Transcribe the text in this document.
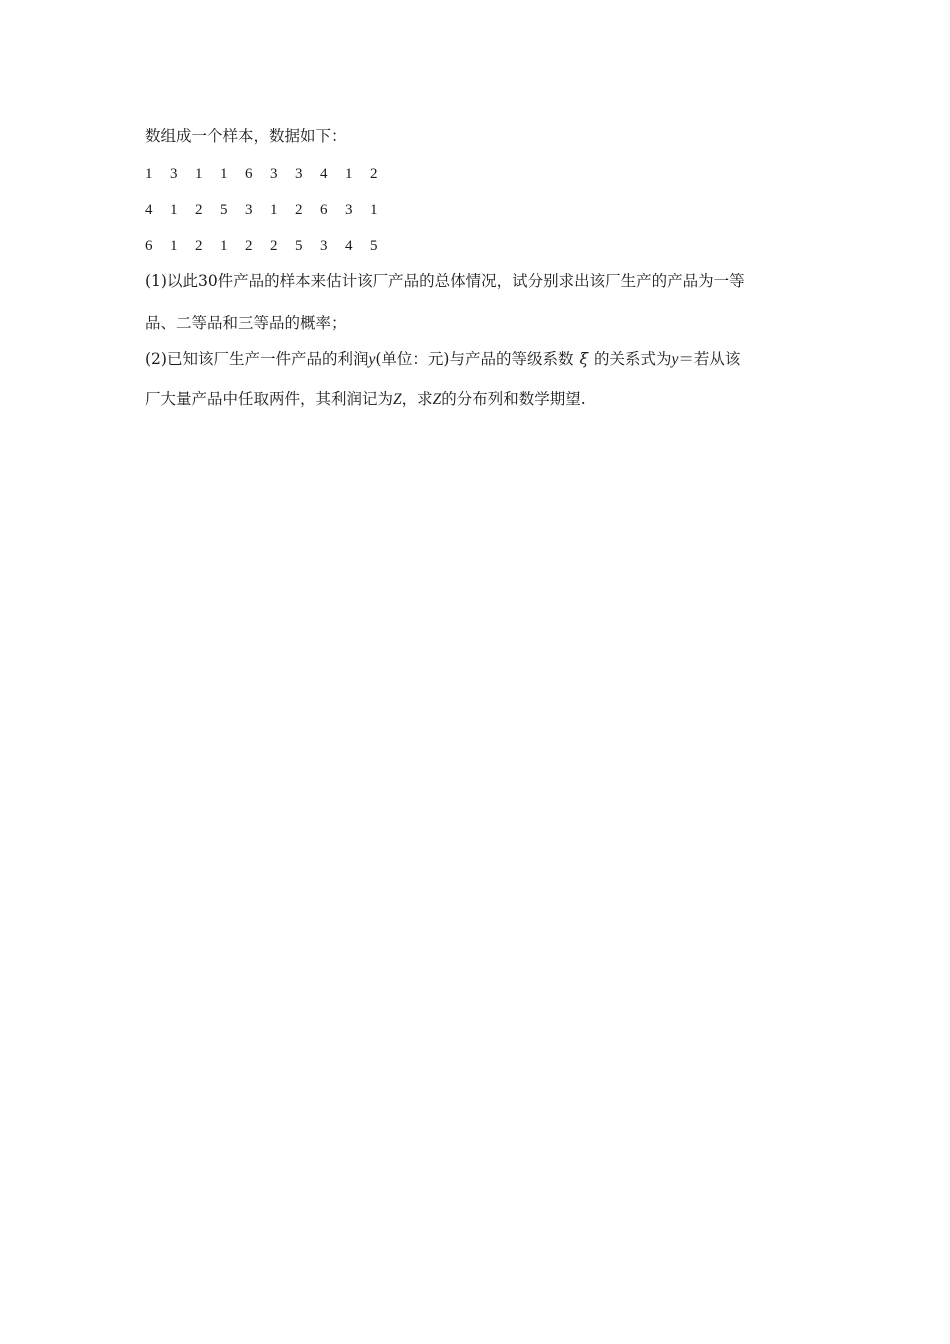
数组成一个样本，数据如下：
1 3 1 1 6 3 3 4 1 2
4 1 2 5 3 1 2 6 3 1
6 1 2 1 2 2 5 3 4 5
(1)以此30件产品的样本来估计该厂产品的总体情况，试分别求出该厂生产的产品为一等
品、二等品和三等品的概率；
(2)已知该厂生产一件产品的利润y(单位：元)与产品的等级系数 ξ 的关系式为y＝若从该
厂大量产品中任取两件，其利润记为Z，求Z的分布列和数学期望.
